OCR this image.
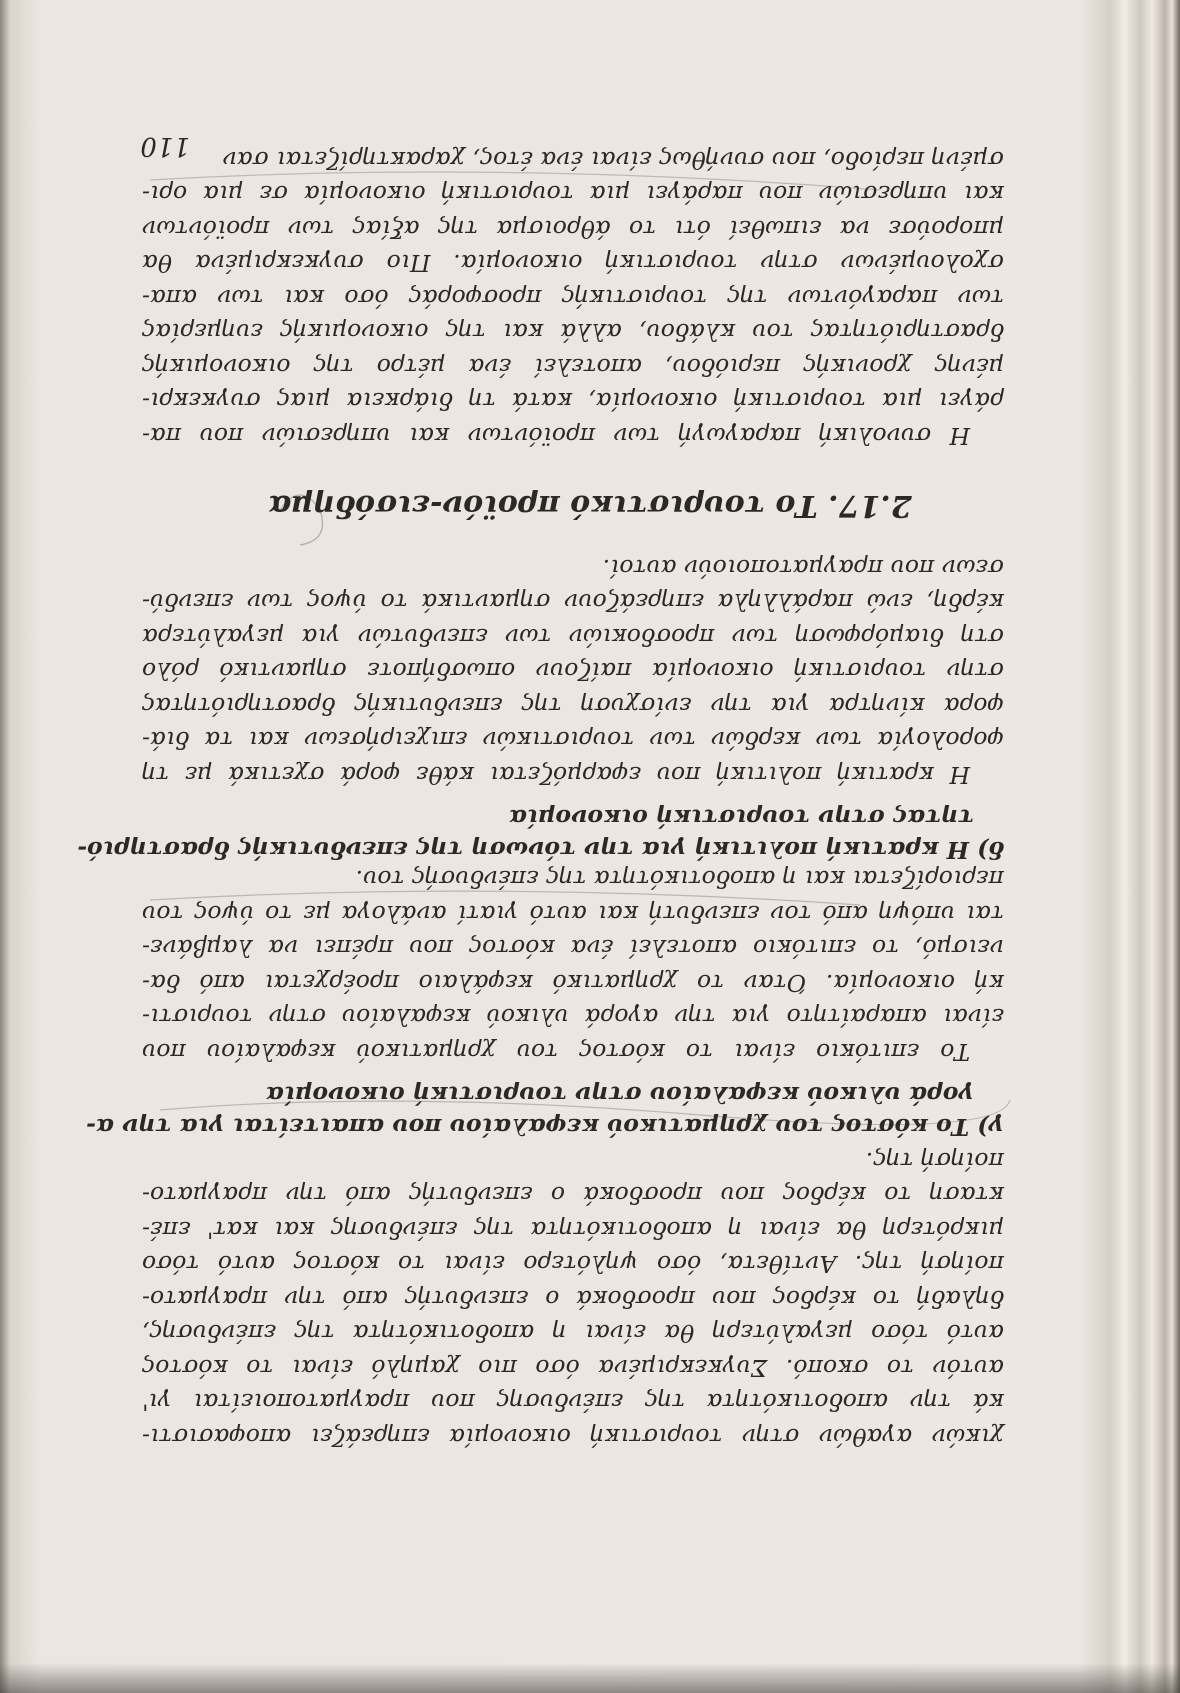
χικών αγαθών στην τουριστική οικονομία επηρεάζει αποφασιστι-
κά την αποδοτικότητα της επένδυσης που πραγματοποιείται γι'
αυτόν το σκοπό. Συγκεκριμένα όσο πιο χαμηλό είναι το κόστος
αυτό τόσο μεγαλύτερη θα είναι η αποδοτικότητα της επένδυσης,
δηλαδή το κέρδος που προσδοκά ο επενδυτής από την πραγματο-
ποίησή της. Αντίθετα, όσο ψηλότερο είναι το κόστος αυτό τόσο
μικρότερη θα είναι η αποδοτικότητα της επένδυσης και κατ' επέ-
κταση το κέρδος που προσδοκά ο επενδυτής από την πραγματο-
ποίησή της.
γ) Το κόστος του χρηματικού κεφαλαίου που απαιτείται για την α-
γορά υλικού κεφαλαίου στην τουριστική οικονομία
Το επιτόκιο είναι το κόστος του χρηματικού κεφαλαίου που
είναι απαραίτητο για την αγορά υλικού κεφαλαίου στην τουριστι-
κή οικονομία. Όταν το χρηματικό κεφάλαιο προέρχεται από δα-
νεισμό, το επιτόκιο αποτελεί ένα κόστος που πρέπει να λαμβάνε-
ται υπόψη από τον επενδυτή και αυτό γιατί ανάλογα με το ύψος του
περιορίζεται και η αποδοτικότητα της επένδυσής του.
δ) Η κρατική πολιτική για την τόνωση της επενδυτικής δραστηριό-
τητας στην τουριστική οικονομία
Η κρατική πολιτική που εφαρμόζεται κάθε φορά σχετικά με τη
φορολογία των κερδών των τουριστικών επιχειρήσεων και τα διά-
φορα κίνητρα για την ενίσχυση της επενδυτικής δραστηριότητας
στην τουριστική οικονομία παίζουν οπωσδήποτε σημαντικό ρόλο
στη διαμόρφωση των προσδοκιών των επενδυτών για μεγαλύτερα
κέρδη, ενώ παράλληλα επηρεάζουν σημαντικά το ύψος των επενδύ-
σεων που πραγματοποιούν αυτοί.
Η συνολική παραγωγή των προϊόντων και υπηρεσιών που πα-
ράγει μια τουριστική οικονομία, κατά τη διάρκεια μιας συγκεκρι-
μένης χρονικής περιόδου, αποτελεί ένα μέτρο της οικονομικής
δραστηριότητας του κλάδου, αλλά και της οικονομικής ευημερίας
των παραγόντων της τουριστικής προσφοράς όσο και των απα-
σχολουμένων στην τουριστική οικονομία. Πιο συγκεκριμένα θα
μπορούσε να ειπωθεί ότι το άθροισμα της αξίας των προϊόντων
και υπηρεσιών που παράγει μια τουριστική οικονομία σε μια ορι-
σμένη περίοδο, που συνήθως είναι ένα έτος, χαρακτηρίζεται σαν
2.17. Το τουριστικό προϊόν-εισόδημα
110
